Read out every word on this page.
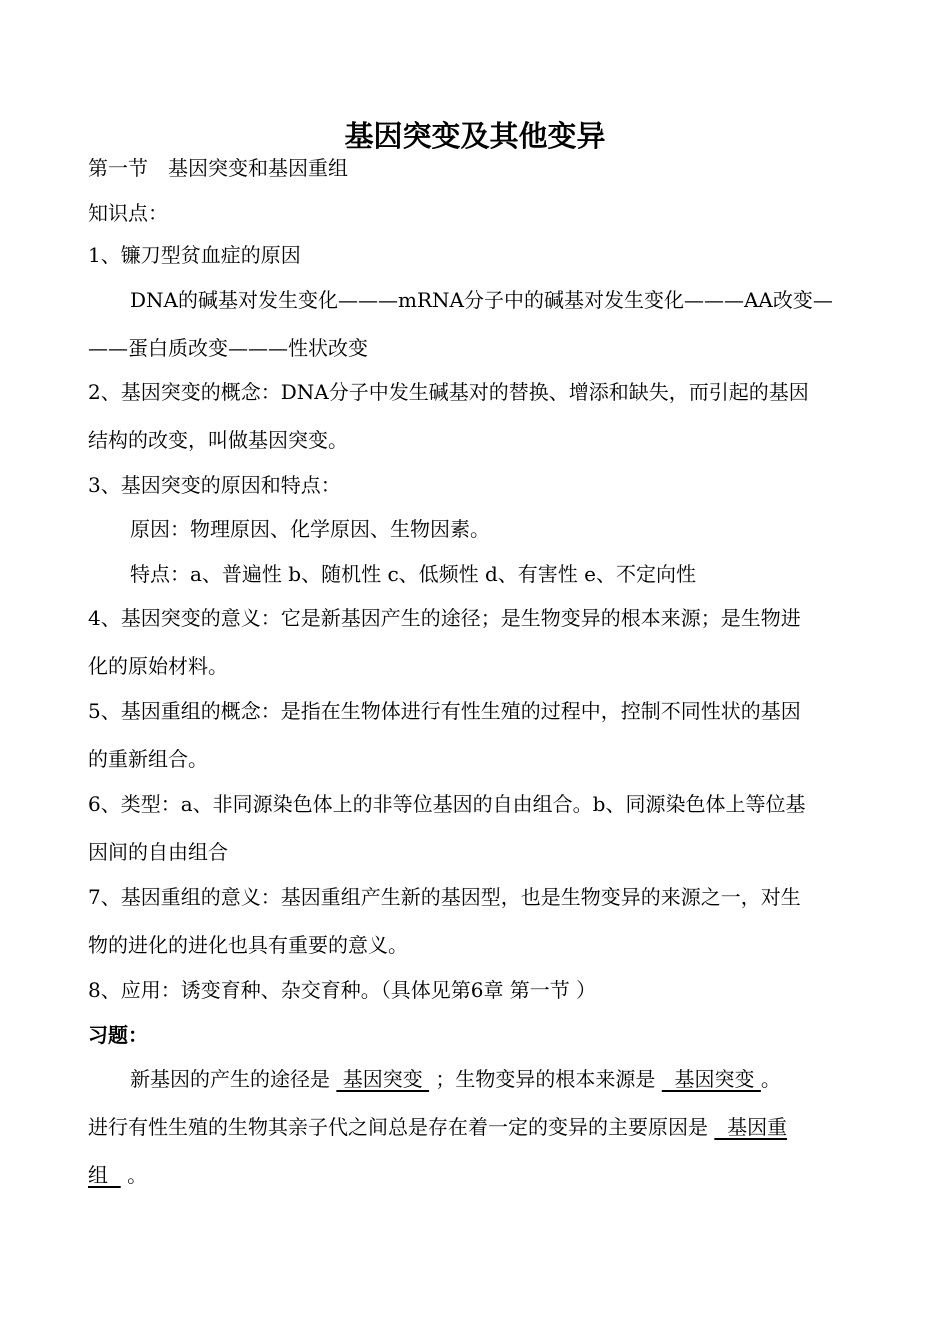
基因突变及其他变异
第一节　基因突变和基因重组
知识点：
1、镰刀型贫血症的原因
DNA的碱基对发生变化———mRNA分子中的碱基对发生变化———AA改变—
——蛋白质改变———性状改变
2、基因突变的概念：DNA分子中发生碱基对的替换、增添和缺失，而引起的基因
结构的改变，叫做基因突变。
3、基因突变的原因和特点：
原因：物理原因、化学原因、生物因素。
特点：a、普遍性 b、随机性 c、低频性 d、有害性 e、不定向性
4、基因突变的意义：它是新基因产生的途径；是生物变异的根本来源；是生物进
化的原始材料。
5、基因重组的概念：是指在生物体进行有性生殖的过程中，控制不同性状的基因
的重新组合。
6、类型：a、非同源染色体上的非等位基因的自由组合。b、同源染色体上等位基
因间的自由组合
7、基因重组的意义：基因重组产生新的基因型，也是生物变异的来源之一，对生
物的进化的进化也具有重要的意义。
8、应用：诱变育种、杂交育种。（具体见第6章 第一节 ）
习题：
新基因的产生的途径是  基因突变  ；生物变异的根本来源是   基因突变 。
进行有性生殖的生物其亲子代之间总是存在着一定的变异的主要原因是   基因重
组   。
